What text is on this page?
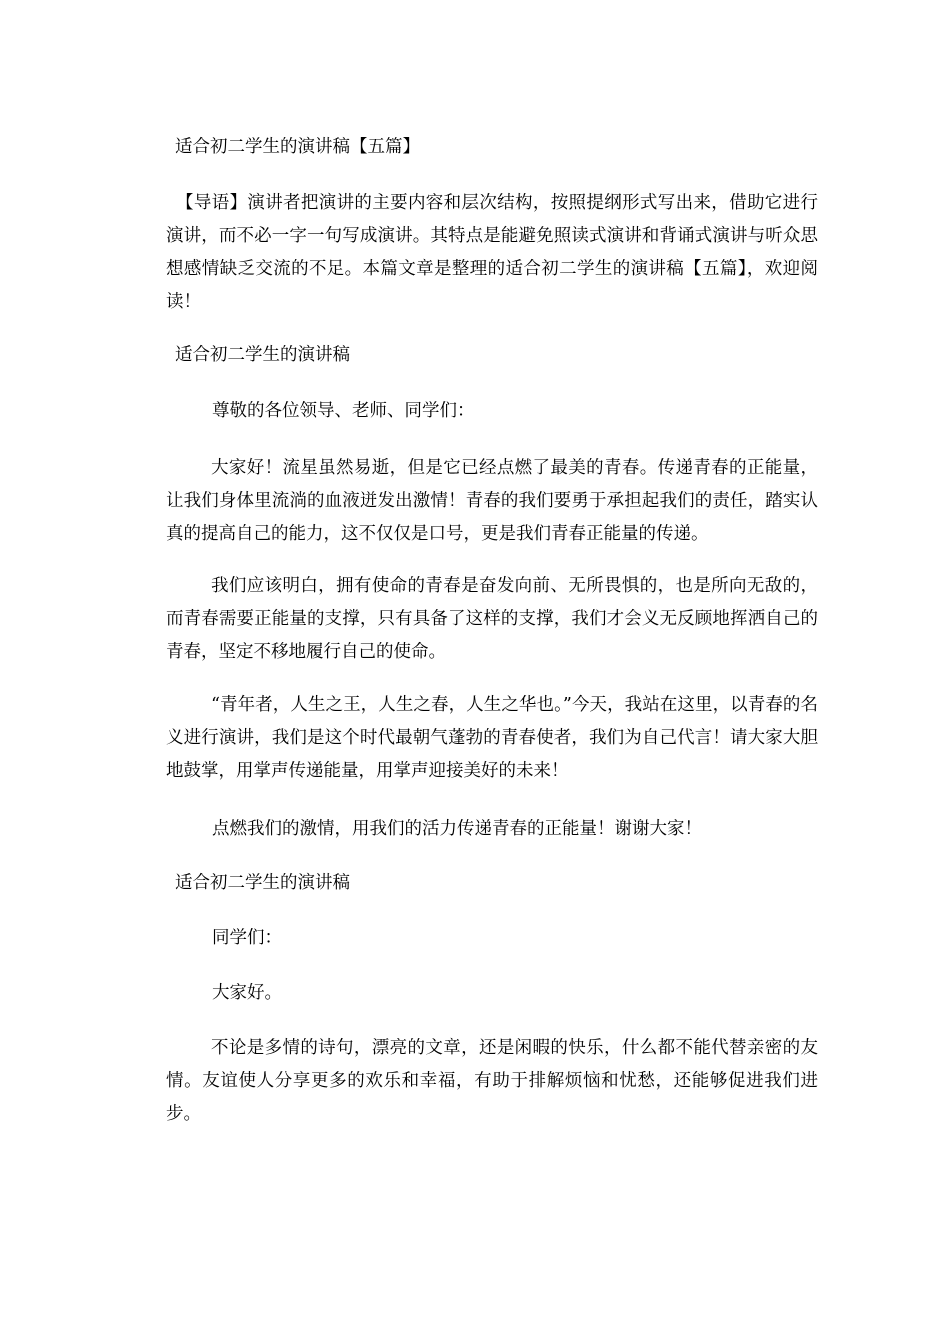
适合初二学生的演讲稿【五篇】

【导语】演讲者把演讲的主要内容和层次结构，按照提纲形式写出来，借助它进行演讲，而不必一字一句写成演讲。其特点是能避免照读式演讲和背诵式演讲与听众思想感情缺乏交流的不足。本篇文章是整理的适合初二学生的演讲稿【五篇】，欢迎阅读！

适合初二学生的演讲稿
尊敬的各位领导、老师、同学们：

大家好！流星虽然易逝，但是它已经点燃了最美的青春。传递青春的正能量，让我们身体里流淌的血液迸发出激情！青春的我们要勇于承担起我们的责任，踏实认真的提高自己的能力，这不仅仅是口号，更是我们青春正能量的传递。

我们应该明白，拥有使命的青春是奋发向前、无所畏惧的，也是所向无敌的，而青春需要正能量的支撑，只有具备了这样的支撑，我们才会义无反顾地挥洒自己的青春，坚定不移地履行自己的使命。

“青年者，人生之王，人生之春，人生之华也。”今天，我站在这里，以青春的名义进行演讲，我们是这个时代最朝气蓬勃的青春使者，我们为自己代言！请大家大胆地鼓掌，用掌声传递能量，用掌声迎接美好的未来！

点燃我们的激情，用我们的活力传递青春的正能量！谢谢大家！
适合初二学生的演讲稿
同学们：
大家好。

不论是多情的诗句，漂亮的文章，还是闲暇的快乐，什么都不能代替亲密的友情。友谊使人分享更多的欢乐和幸福，有助于排解烦恼和忧愁，还能够促进我们进步。
